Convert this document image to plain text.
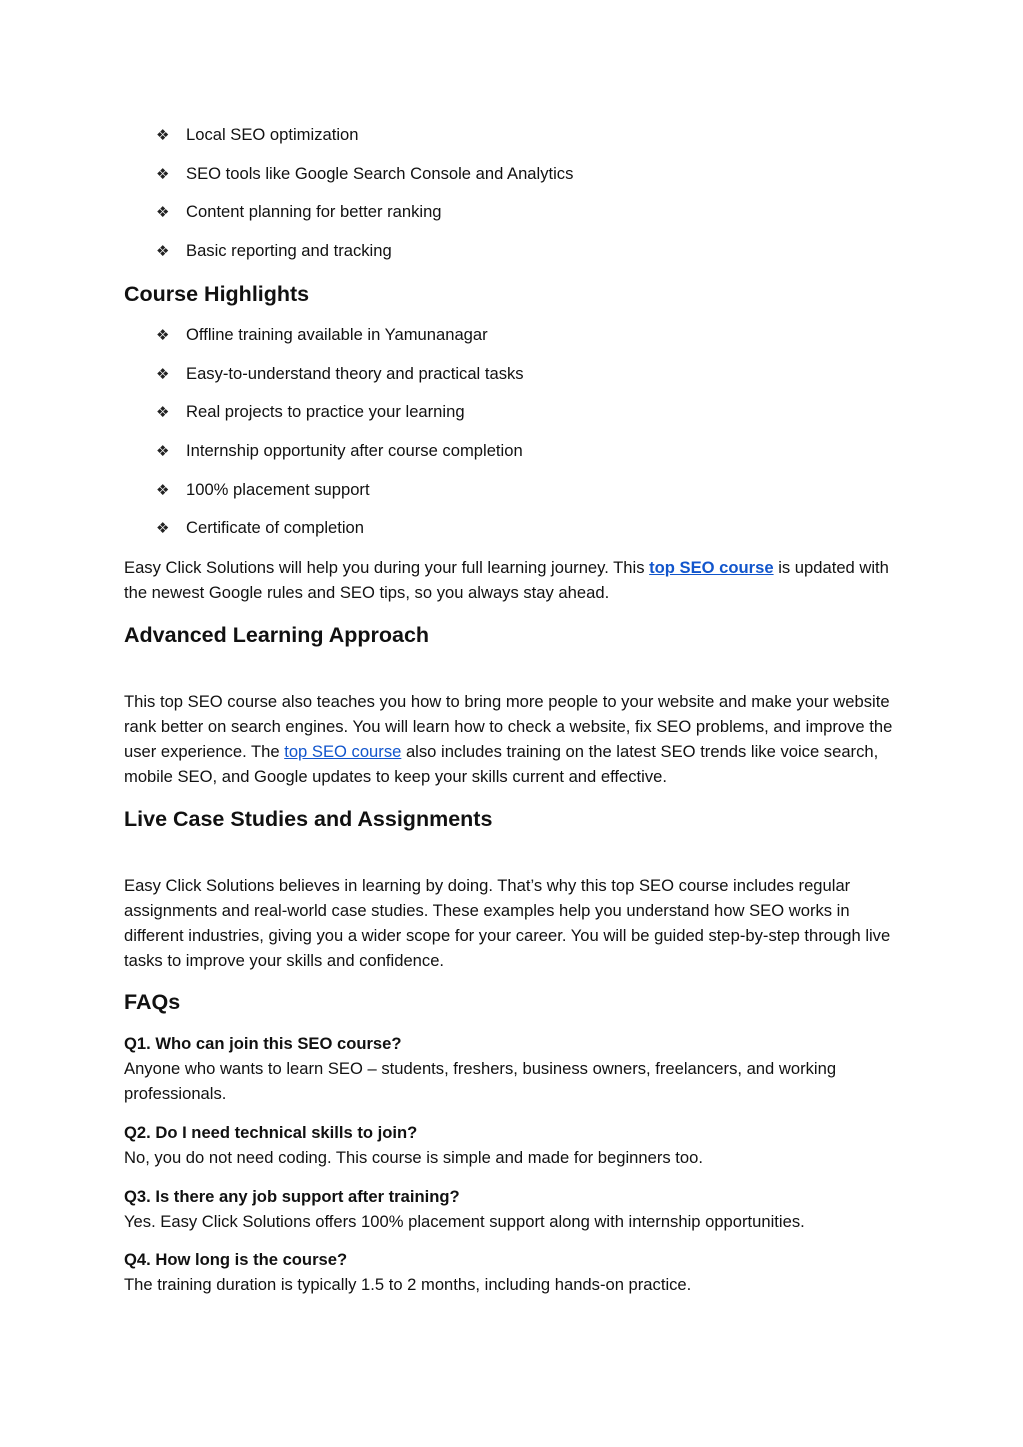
❖ Local SEO optimization
❖ SEO tools like Google Search Console and Analytics
❖ Content planning for better ranking
❖ Basic reporting and tracking
Course Highlights
❖ Offline training available in Yamunanagar
❖ Easy-to-understand theory and practical tasks
❖ Real projects to practice your learning
❖ Internship opportunity after course completion
❖ 100% placement support
❖ Certificate of completion

Easy Click Solutions will help you during your full learning journey. This top SEO course is updated with the newest Google rules and SEO tips, so you always stay ahead.

Advanced Learning Approach

This top SEO course also teaches you how to bring more people to your website and make your website rank better on search engines. You will learn how to check a website, fix SEO problems, and improve the user experience. The top SEO course also includes training on the latest SEO trends like voice search, mobile SEO, and Google updates to keep your skills current and effective.

Live Case Studies and Assignments

Easy Click Solutions believes in learning by doing. That’s why this top SEO course includes regular assignments and real-world case studies. These examples help you understand how SEO works in different industries, giving you a wider scope for your career. You will be guided step-by-step through live tasks to improve your skills and confidence.

FAQs
Q1. Who can join this SEO course?
Anyone who wants to learn SEO – students, freshers, business owners, freelancers, and working professionals.
Q2. Do I need technical skills to join?
No, you do not need coding. This course is simple and made for beginners too.
Q3. Is there any job support after training?
Yes. Easy Click Solutions offers 100% placement support along with internship opportunities.
Q4. How long is the course?
The training duration is typically 1.5 to 2 months, including hands-on practice.
